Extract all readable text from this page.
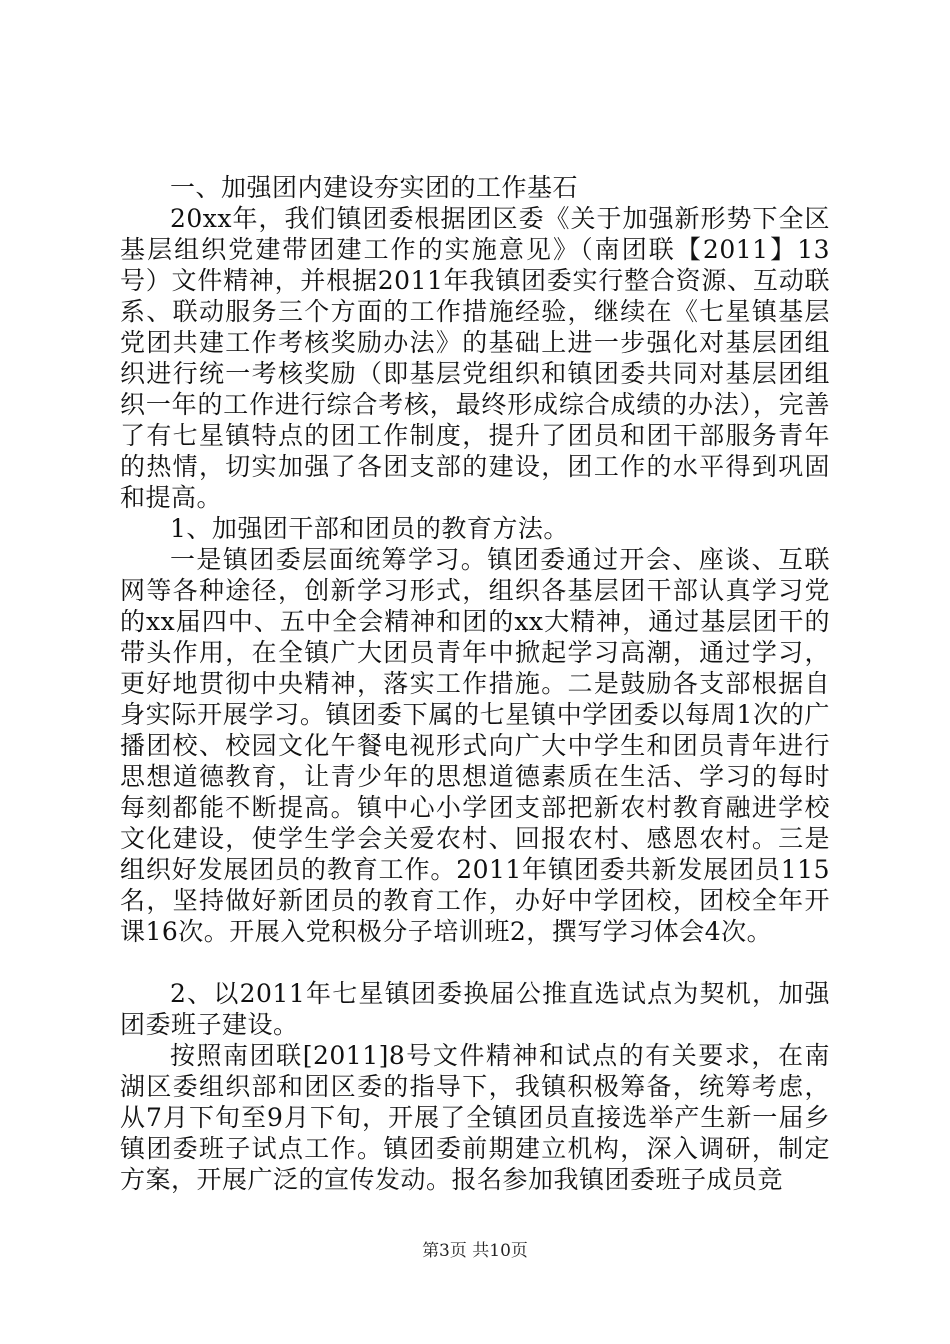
一、加强团内建设夯实团的工作基石

20xx年，我们镇团委根据团区委《关于加强新形势下全区基层组织党建带团建工作的实施意见》（南团联【2011】13号）文件精神，并根据2011年我镇团委实行整合资源、互动联系、联动服务三个方面的工作措施经验，继续在《七星镇基层党团共建工作考核奖励办法》的基础上进一步强化对基层团组织进行统一考核奖励（即基层党组织和镇团委共同对基层团组织一年的工作进行综合考核，最终形成综合成绩的办法），完善了有七星镇特点的团工作制度，提升了团员和团干部服务青年的热情，切实加强了各团支部的建设，团工作的水平得到巩固和提高。

1、加强团干部和团员的教育方法。

一是镇团委层面统筹学习。镇团委通过开会、座谈、互联网等各种途径，创新学习形式，组织各基层团干部认真学习党的xx届四中、五中全会精神和团的xx大精神，通过基层团干的带头作用，在全镇广大团员青年中掀起学习高潮，通过学习，更好地贯彻中央精神，落实工作措施。二是鼓励各支部根据自身实际开展学习。镇团委下属的七星镇中学团委以每周1次的广播团校、校园文化午餐电视形式向广大中学生和团员青年进行思想道德教育，让青少年的思想道德素质在生活、学习的每时每刻都能不断提高。镇中心小学团支部把新农村教育融进学校文化建设，使学生学会关爱农村、回报农村、感恩农村。三是组织好发展团员的教育工作。2011年镇团委共新发展团员115名，坚持做好新团员的教育工作，办好中学团校，团校全年开课16次。开展入党积极分子培训班2，撰写学习体会4次。

2、以2011年七星镇团委换届公推直选试点为契机，加强团委班子建设。

按照南团联[2011]8号文件精神和试点的有关要求，在南湖区委组织部和团区委的指导下，我镇积极筹备，统筹考虑，从7月下旬至9月下旬，开展了全镇团员直接选举产生新一届乡镇团委班子试点工作。镇团委前期建立机构，深入调研，制定方案，开展广泛的宣传发动。报名参加我镇团委班子成员竞

第3页 共10页
